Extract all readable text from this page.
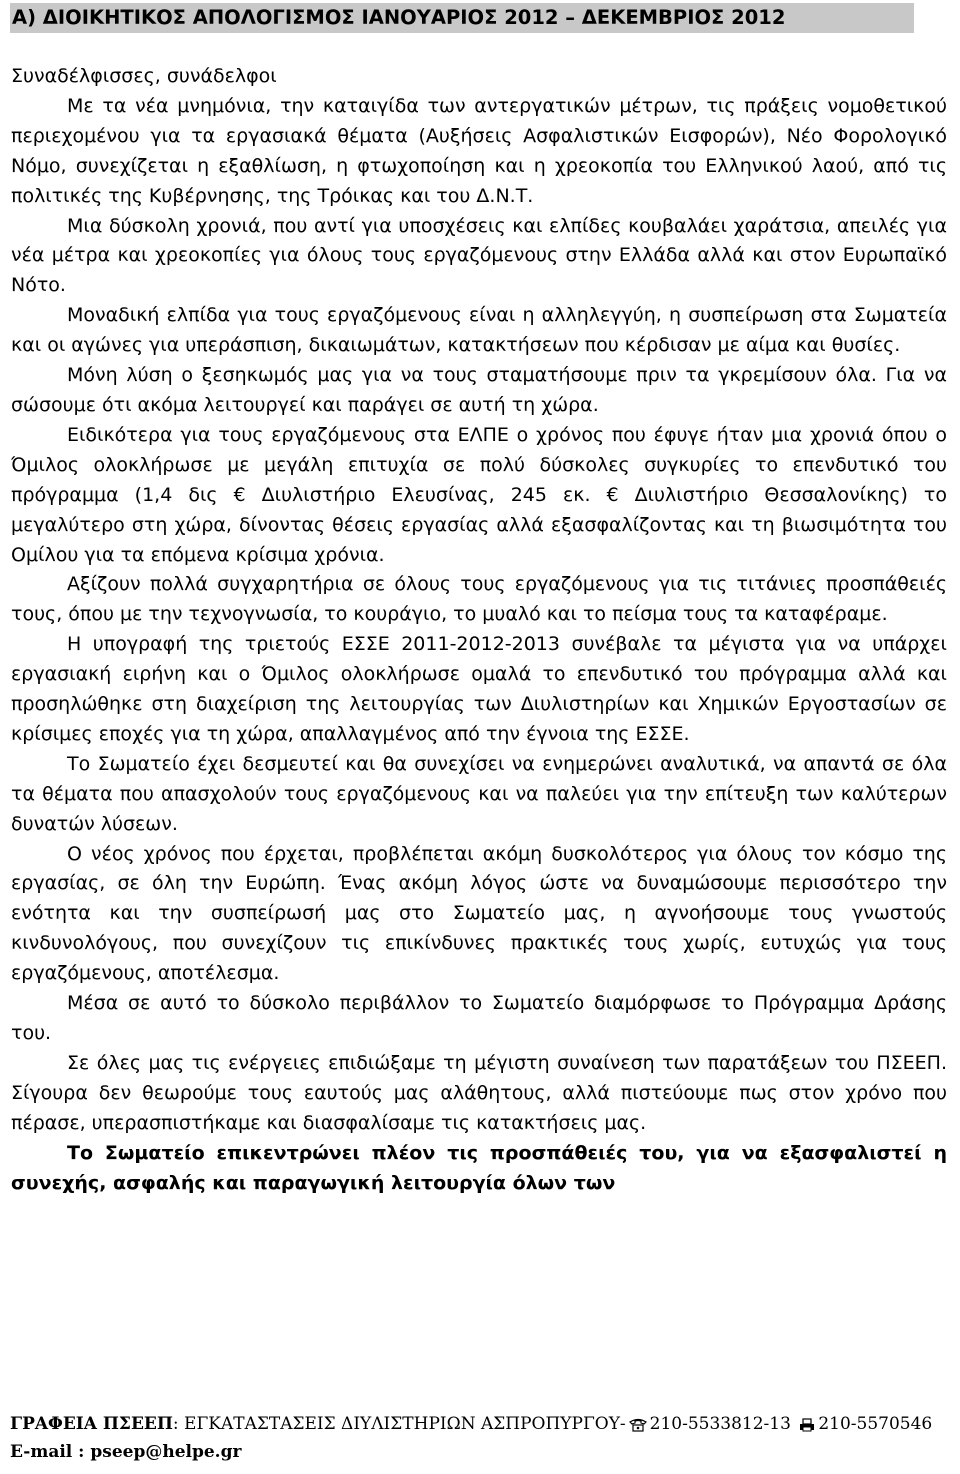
Α) ΔΙΟΙΚΗΤΙΚΟΣ ΑΠΟΛΟΓΙΣΜΟΣ ΙΑΝΟΥΑΡΙΟΣ 2012 – ΔΕΚΕΜΒΡΙΟΣ 2012

Συναδέλφισσες, συνάδελφοι

Με τα νέα μνημόνια, την καταιγίδα των αντεργατικών μέτρων, τις πράξεις νομοθετικού περιεχομένου για τα εργασιακά θέματα (Αυξήσεις Ασφαλιστικών Εισφορών), Νέο Φορολογικό Νόμο, συνεχίζεται η εξαθλίωση, η φτωχοποίηση και η χρεοκοπία του Ελληνικού λαού, από τις πολιτικές της Κυβέρνησης, της Τρόικας και του Δ.Ν.Τ.

Μια δύσκολη χρονιά, που αντί για υποσχέσεις και ελπίδες κουβαλάει χαράτσια, απειλές για νέα μέτρα και χρεοκοπίες για όλους τους εργαζόμενους στην Ελλάδα αλλά και στον Ευρωπαϊκό Νότο.

Μοναδική ελπίδα για τους εργαζόμενους είναι η αλληλεγγύη, η συσπείρωση στα Σωματεία και οι αγώνες για υπεράσπιση, δικαιωμάτων, κατακτήσεων που κέρδισαν με αίμα και θυσίες.

Μόνη λύση ο ξεσηκωμός μας για να τους σταματήσουμε πριν τα γκρεμίσουν όλα. Για να σώσουμε ότι ακόμα λειτουργεί και παράγει σε αυτή τη χώρα.

Ειδικότερα για τους εργαζόμενους στα ΕΛΠΕ ο χρόνος που έφυγε ήταν μια χρονιά όπου ο Όμιλος ολοκλήρωσε με μεγάλη επιτυχία σε πολύ δύσκολες συγκυρίες το επενδυτικό του πρόγραμμα (1,4 δις € Διυλιστήριο Ελευσίνας, 245 εκ. € Διυλιστήριο Θεσσαλονίκης) το μεγαλύτερο στη χώρα, δίνοντας θέσεις εργασίας αλλά εξασφαλίζοντας και τη βιωσιμότητα του Ομίλου για τα επόμενα κρίσιμα χρόνια.

Αξίζουν πολλά συγχαρητήρια σε όλους τους εργαζόμενους για τις τιτάνιες προσπάθειές τους, όπου με την τεχνογνωσία, το κουράγιο, το μυαλό και το πείσμα τους τα καταφέραμε.

Η υπογραφή της τριετούς ΕΣΣΕ 2011-2012-2013 συνέβαλε τα μέγιστα για να υπάρχει εργασιακή ειρήνη και ο Όμιλος ολοκλήρωσε ομαλά το επενδυτικό του πρόγραμμα αλλά και προσηλώθηκε στη διαχείριση της λειτουργίας των Διυλιστηρίων και Χημικών Εργοστασίων σε κρίσιμες εποχές για τη χώρα, απαλλαγμένος από την έγνοια της ΕΣΣΕ.

Το Σωματείο έχει δεσμευτεί και θα συνεχίσει να ενημερώνει αναλυτικά, να απαντά σε όλα τα θέματα που απασχολούν τους εργαζόμενους και να παλεύει για την επίτευξη των καλύτερων δυνατών λύσεων.

Ο νέος χρόνος που έρχεται, προβλέπεται ακόμη δυσκολότερος για όλους τον κόσμο της εργασίας, σε όλη την Ευρώπη. Ένας ακόμη λόγος ώστε να δυναμώσουμε περισσότερο την ενότητα και την συσπείρωσή μας στο Σωματείο μας, η αγνοήσουμε τους γνωστούς κινδυνολόγους, που συνεχίζουν τις επικίνδυνες πρακτικές τους χωρίς, ευτυχώς για τους εργαζόμενους, αποτέλεσμα.

Μέσα σε αυτό το δύσκολο περιβάλλον το Σωματείο διαμόρφωσε το Πρόγραμμα Δράσης του.

Σε όλες μας τις ενέργειες επιδιώξαμε τη μέγιστη συναίνεση των παρατάξεων του ΠΣΕΕΠ. Σίγουρα δεν θεωρούμε τους εαυτούς μας αλάθητους, αλλά πιστεύουμε πως στον χρόνο που πέρασε, υπερασπιστήκαμε και διασφαλίσαμε τις κατακτήσεις μας.

Το Σωματείο επικεντρώνει πλέον τις προσπάθειές του, για να εξασφαλιστεί η συνεχής, ασφαλής και παραγωγική λειτουργία όλων των

ΓΡΑΦΕΙΑ ΠΣΕΕΠ: ΕΓΚΑΤΑΣΤΑΣΕΙΣ ΔΙΥΛΙΣΤΗΡΙΩΝ ΑΣΠΡΟΠΥΡΓΟΥ- 210-5533812-13 210-5570546
E-mail : pseep@helpe.gr
